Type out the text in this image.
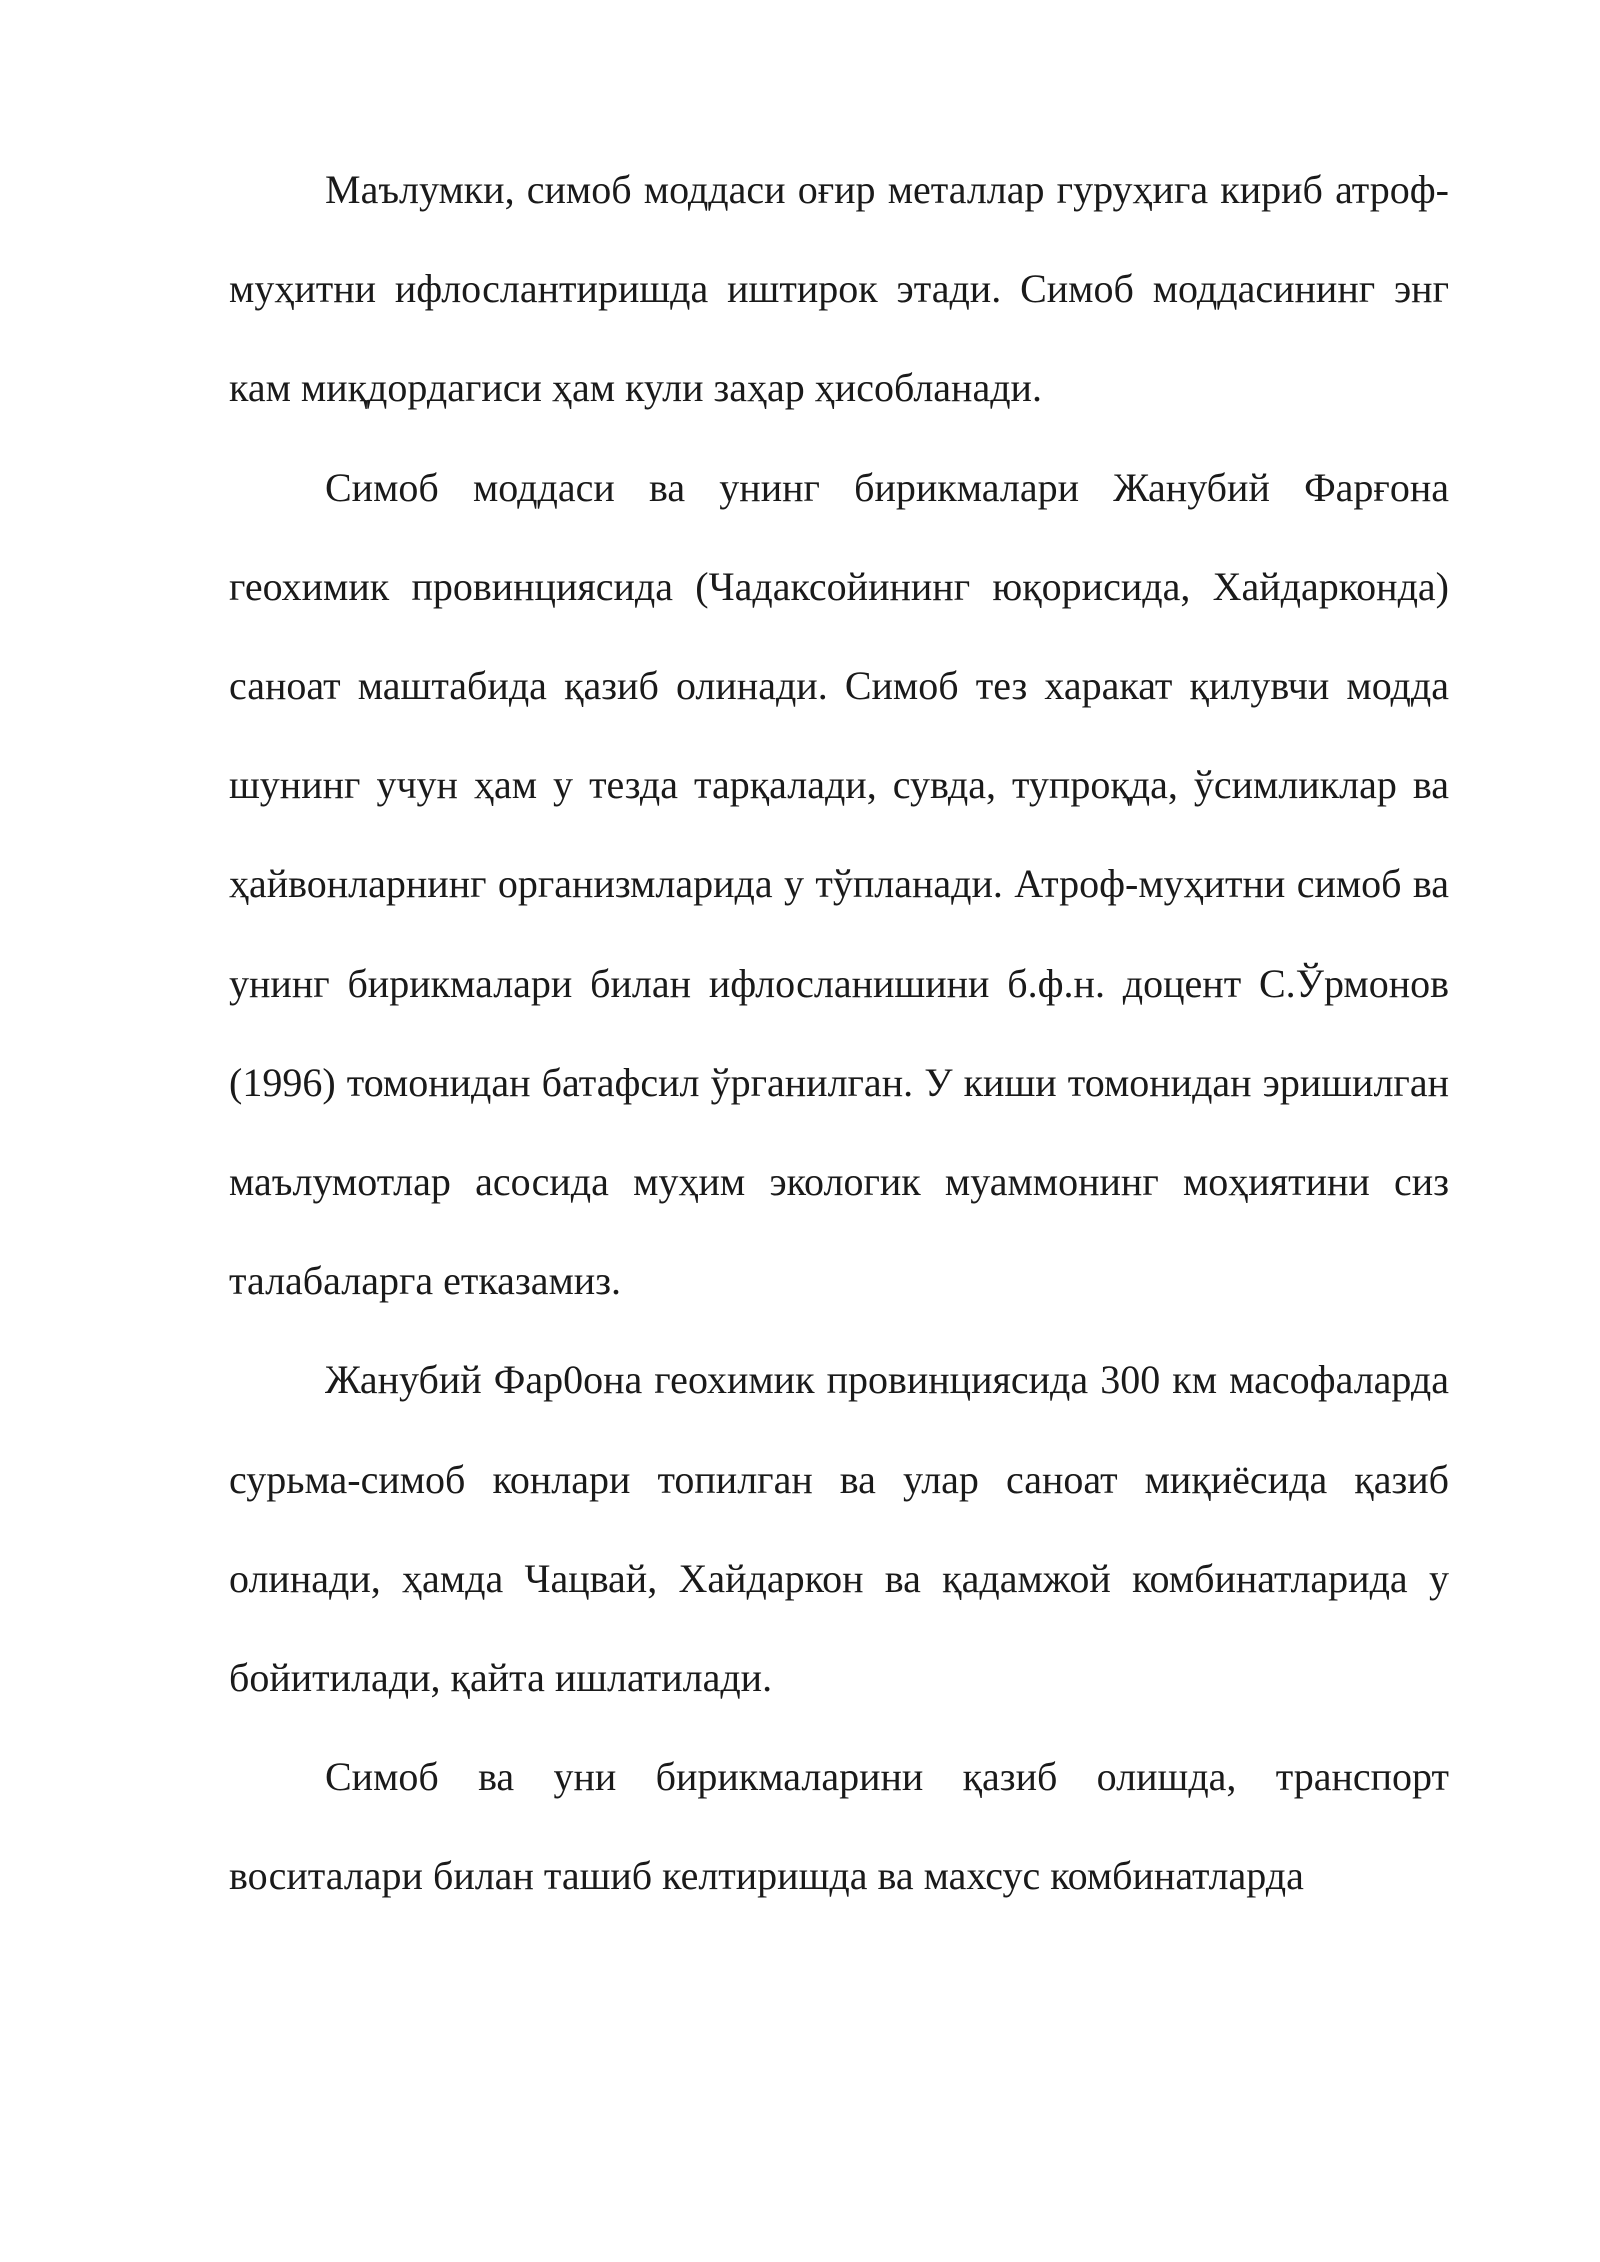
Маълумки, симоб моддаси оғир металлар гуруҳига кириб атроф-муҳитни ифлослантиришда иштирок этади. Симоб моддасининг энг кам миқдордагиси ҳам кули заҳар ҳисобланади.

Симоб моддаси ва унинг бирикмалари Жанубий Фарғона геохимик провинциясида (Чадаксойининг юқорисида, Хайдарконда) саноат маштабида қазиб олинади. Симоб тез харакат қилувчи модда шунинг учун ҳам у тезда тарқалади, сувда, тупроқда, ўсимликлар ва ҳайвонларнинг организмларида у тўпланади. Атроф-муҳитни симоб ва унинг бирикмалари билан ифлосланишини б.ф.н. доцент С.Ўрмонов (1996) томонидан батафсил ўрганилган. У киши томонидан эришилган маълумотлар асосида муҳим экологик муаммонинг моҳиятини сиз талабаларга етказамиз.

Жанубий Фар0она геохимик провинциясида 300 км масофаларда сурьма-симоб конлари топилган ва улар саноат миқиёсида қазиб олинади, ҳамда Чацвай, Хайдаркон ва қадамжой комбинатларида у бойитилади, қайта ишлатилади.

Симоб ва уни бирикмаларини қазиб олишда, транспорт воситалари билан ташиб келтиришда ва махсус комбинатларда
